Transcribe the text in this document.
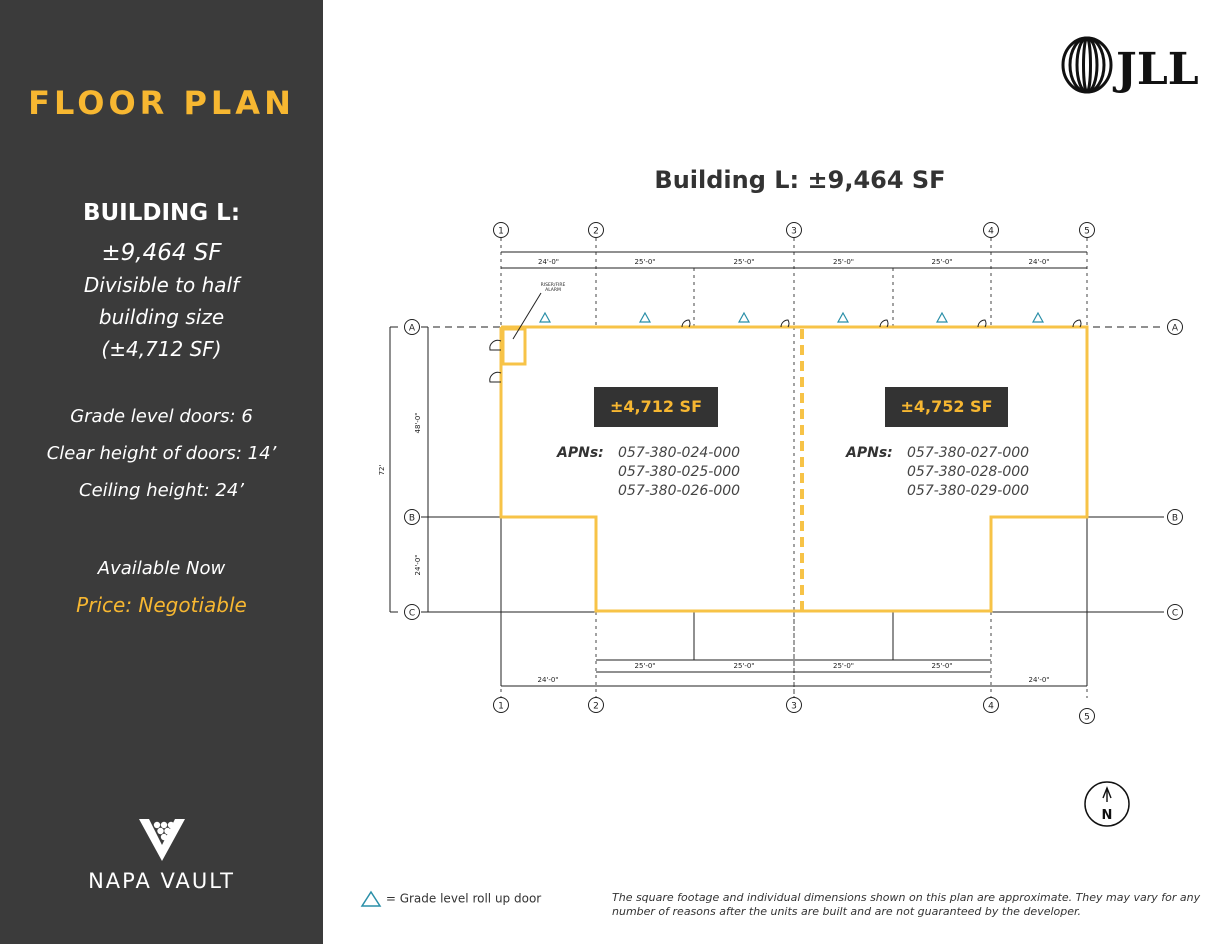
FLOOR PLAN
BUILDING L:
±9,464 SF
Divisible to half
building size
(±4,712 SF)
Grade level doors: 6
Clear height of doors: 14’
Ceiling height: 24’
Available Now
Price: Negotiable
NAPA VAULT
JLL
Building L: ±9,464 SF
24'-0"	25'-0"	25'-0"	25'-0"	25'-0"	24'-0"
25'-0"	25'-0"	25'-0"	25'-0"
24'-0"	24'-0"
48'-0"
24'-0"
72'
1	2	3	4	5
1	2	3	4
5
A	A
B	B
C	C
RISER/FIRE
ALARM
±4,712 SF
APNs: 057-380-024-000
057-380-025-000
057-380-026-000
±4,752 SF
APNs: 057-380-027-000
057-380-028-000
057-380-029-000
N
= Grade level roll up door	The square footage and individual dimensions shown on this plan are approximate. They may vary for any number of reasons after the units are built and are not guaranteed by the developer.
